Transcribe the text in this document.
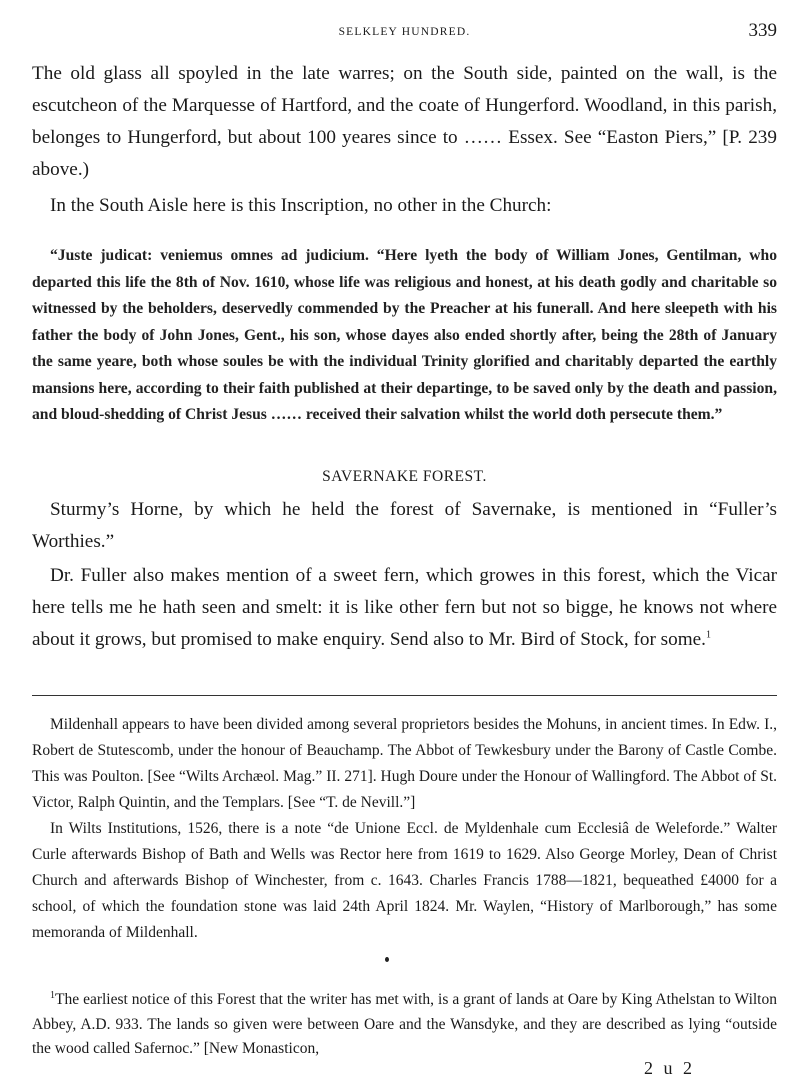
SELKLEY HUNDRED.	339

The old glass all spoyled in the late warres; on the South side, painted on the wall, is the escutcheon of the Marquesse of Hartford, and the coate of Hungerford. Woodland, in this parish, belonges to Hungerford, but about 100 yeares since to …… Essex. See “Easton Piers,” [P. 239 above.)

In the South Aisle here is this Inscription, no other in the Church:

“Juste judicat: veniemus omnes ad judicium. “Here lyeth the body of William Jones, Gentilman, who departed this life the 8th of Nov. 1610, whose life was religious and honest, at his death godly and charitable so witnessed by the beholders, deservedly commended by the Preacher at his funerall. And here sleepeth with his father the body of John Jones, Gent., his son, whose dayes also ended shortly after, being the 28th of January the same yeare, both whose soules be with the individual Trinity glorified and charitably departed the earthly mansions here, according to their faith published at their departinge, to be saved only by the death and passion, and bloud-shedding of Christ Jesus …… received their salvation whilst the world doth persecute them.”

SAVERNAKE FOREST.

Sturmy’s Horne, by which he held the forest of Savernake, is mentioned in “Fuller’s Worthies.”

Dr. Fuller also makes mention of a sweet fern, which growes in this forest, which the Vicar here tells me he hath seen and smelt: it is like other fern but not so bigge, he knows not where about it grows, but promised to make enquiry. Send also to Mr. Bird of Stock, for some.$^1$

Mildenhall appears to have been divided among several proprietors besides the Mohuns, in ancient times. In Edw. I., Robert de Stutescomb, under the honour of Beauchamp. The Abbot of Tewkesbury under the Barony of Castle Combe. This was Poulton. [See “Wilts Archæol. Mag.” II. 271]. Hugh Doure under the Honour of Wallingford. The Abbot of St. Victor, Ralph Quintin, and the Templars. [See “T. de Nevill.”]

In Wilts Institutions, 1526, there is a note “de Unione Eccl. de Myldenhale cum Ecclesiâ de Weleforde.” Walter Curle afterwards Bishop of Bath and Wells was Rector here from 1619 to 1629. Also George Morley, Dean of Christ Church and afterwards Bishop of Winchester, from c. 1643. Charles Francis 1788—1821, bequeathed £4000 for a school, of which the foundation stone was laid 24th April 1824. Mr. Waylen, “History of Marlborough,” has some memoranda of Mildenhall.

$^1$The earliest notice of this Forest that the writer has met with, is a grant of lands at Oare by King Athelstan to Wilton Abbey, A.D. 933. The lands so given were between Oare and the Wansdyke, and they are described as lying “outside the wood called Safernoc.” [New Monasticon,

2 u 2
